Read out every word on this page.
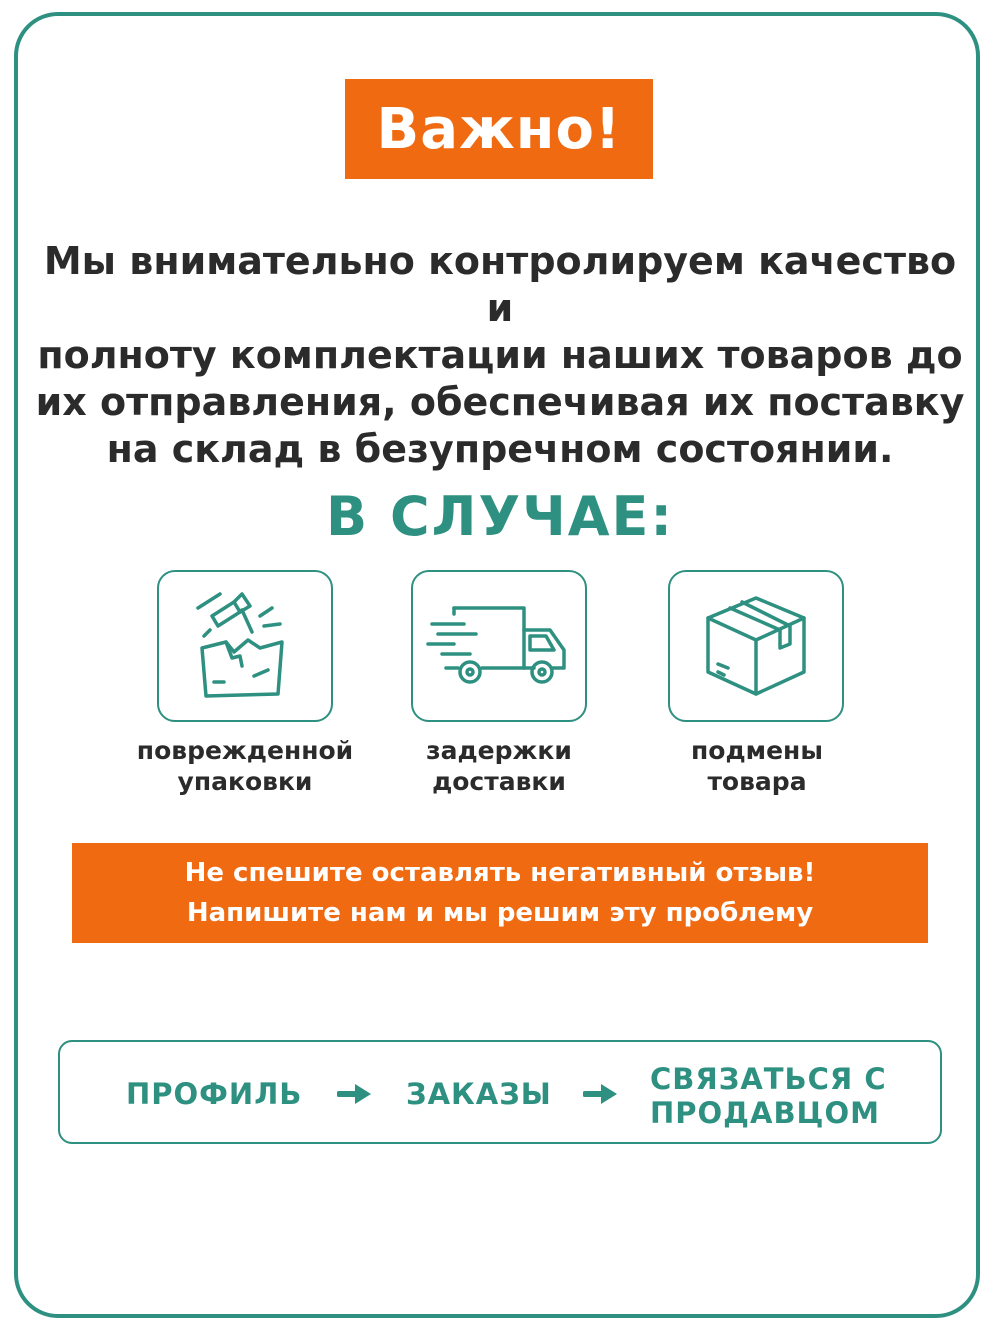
Важно!

Мы внимательно контролируем качество и
полноту комплектации наших товаров до
их отправления, обеспечивая их поставку
на склад в безупречном состоянии.

В СЛУЧАЕ:
поврежденной
упаковки
задержки
доставки
подмены
товара
Не спешите оставлять негативный отзыв!
Напишите нам и мы решим эту проблему
ПРОФИЛЬ	ЗАКАЗЫ	СВЯЗАТЬСЯ С
ПРОДАВЦОМ
